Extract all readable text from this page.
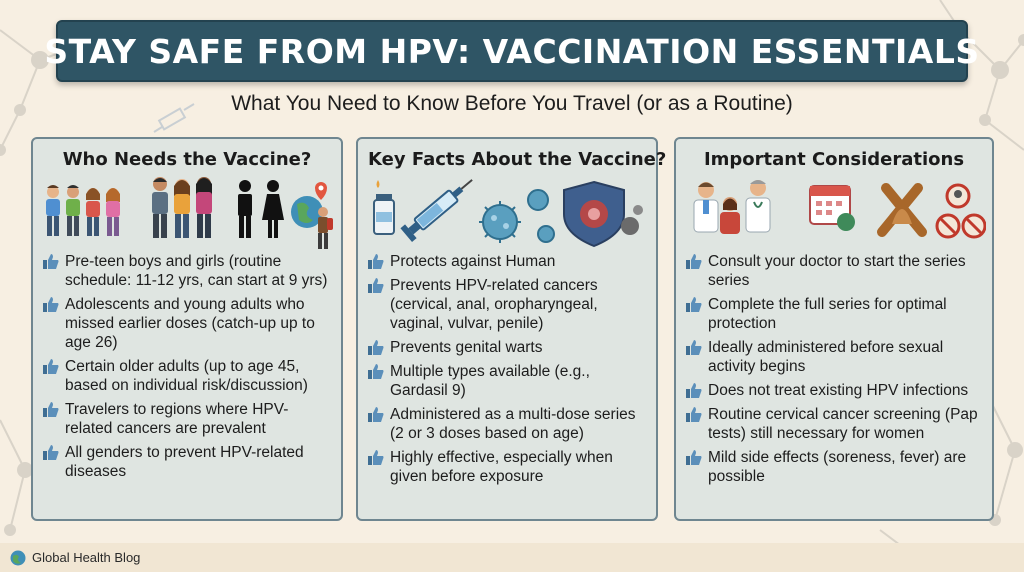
STAY SAFE FROM HPV: VACCINATION ESSENTIALS
What You Need to Know Before You Travel (or as a Routine)
Who Needs the Vaccine?
Pre-teen boys and girls (routine schedule: 11-12 yrs, can start at 9 yrs)
Adolescents and young adults who missed earlier doses (catch-up up to age 26)
Certain older adults (up to age 45, based on individual risk/discussion)
Travelers to regions where HPV-related cancers are prevalent
All genders to prevent HPV-related diseases
Key Facts About the Vaccine?
Protects against Human
Prevents HPV-related cancers (cervical, anal, oropharyngeal, vaginal, vulvar, penile)
Prevents genital warts
Multiple types available (e.g., Gardasil 9)
Administered as a multi-dose series (2 or 3 doses based on age)
Highly effective, especially when given before exposure
Important Considerations
Consult your doctor to start the series series
Complete the full series for optimal protection
Ideally administered before sexual activity begins
Does not treat existing HPV infections
Routine cervical cancer screening (Pap tests) still necessary for women
Mild side effects (soreness, fever) are possible
Global Health Blog
